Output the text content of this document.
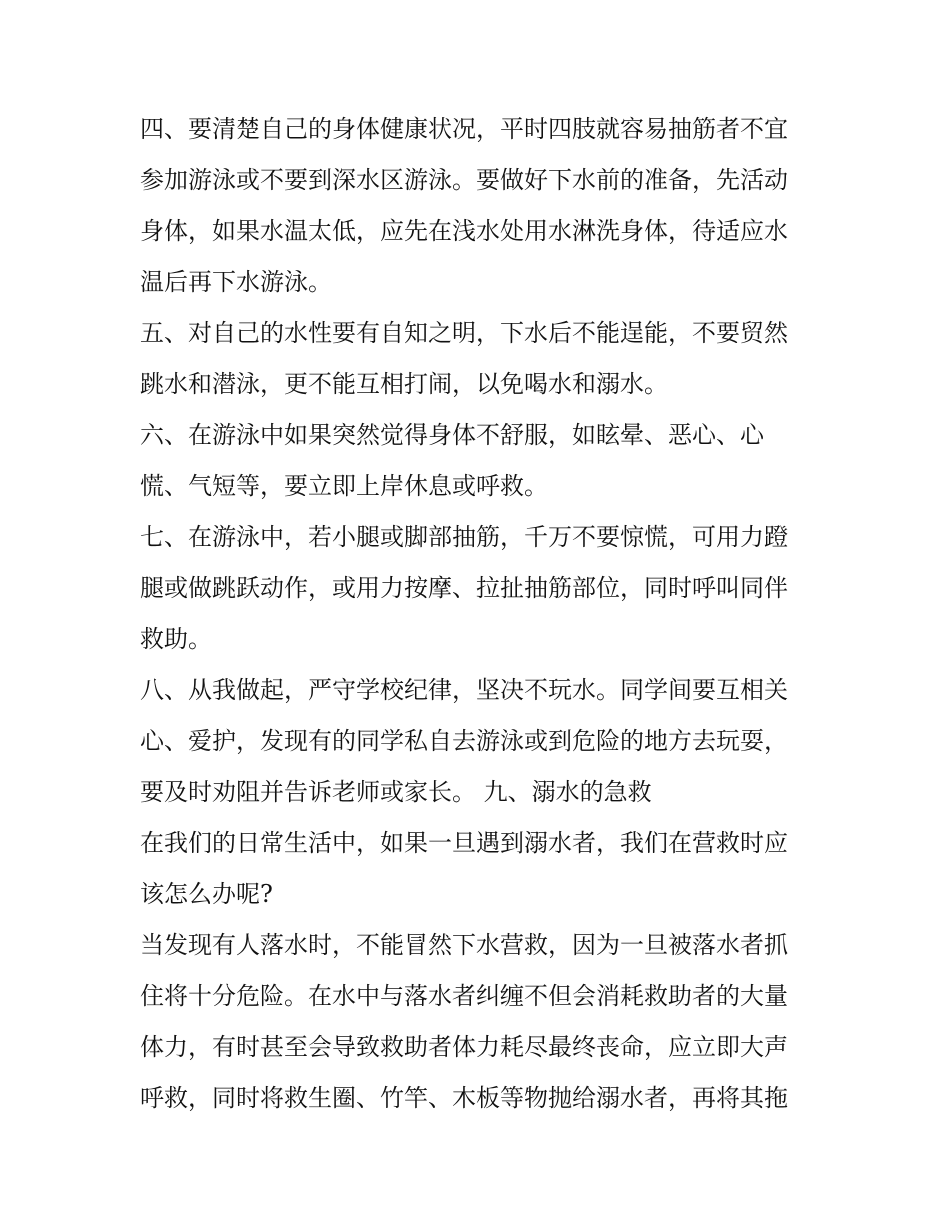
四、要清楚自己的身体健康状况，平时四肢就容易抽筋者不宜
参加游泳或不要到深水区游泳。要做好下水前的准备，先活动
身体，如果水温太低，应先在浅水处用水淋洗身体，待适应水
温后再下水游泳。
五、对自己的水性要有自知之明，下水后不能逞能，不要贸然
跳水和潜泳，更不能互相打闹，以免喝水和溺水。
六、在游泳中如果突然觉得身体不舒服，如眩晕、恶心、心
慌、气短等，要立即上岸休息或呼救。
七、在游泳中，若小腿或脚部抽筋，千万不要惊慌，可用力蹬
腿或做跳跃动作，或用力按摩、拉扯抽筋部位，同时呼叫同伴
救助。
八、从我做起，严守学校纪律，坚决不玩水。同学间要互相关
心、爱护，发现有的同学私自去游泳或到危险的地方去玩耍，
要及时劝阻并告诉老师或家长。 九、溺水的急救
在我们的日常生活中，如果一旦遇到溺水者，我们在营救时应
该怎么办呢?
当发现有人落水时，不能冒然下水营救，因为一旦被落水者抓
住将十分危险。在水中与落水者纠缠不但会消耗救助者的大量
体力，有时甚至会导致救助者体力耗尽最终丧命，应立即大声
呼救，同时将救生圈、竹竿、木板等物抛给溺水者，再将其拖
